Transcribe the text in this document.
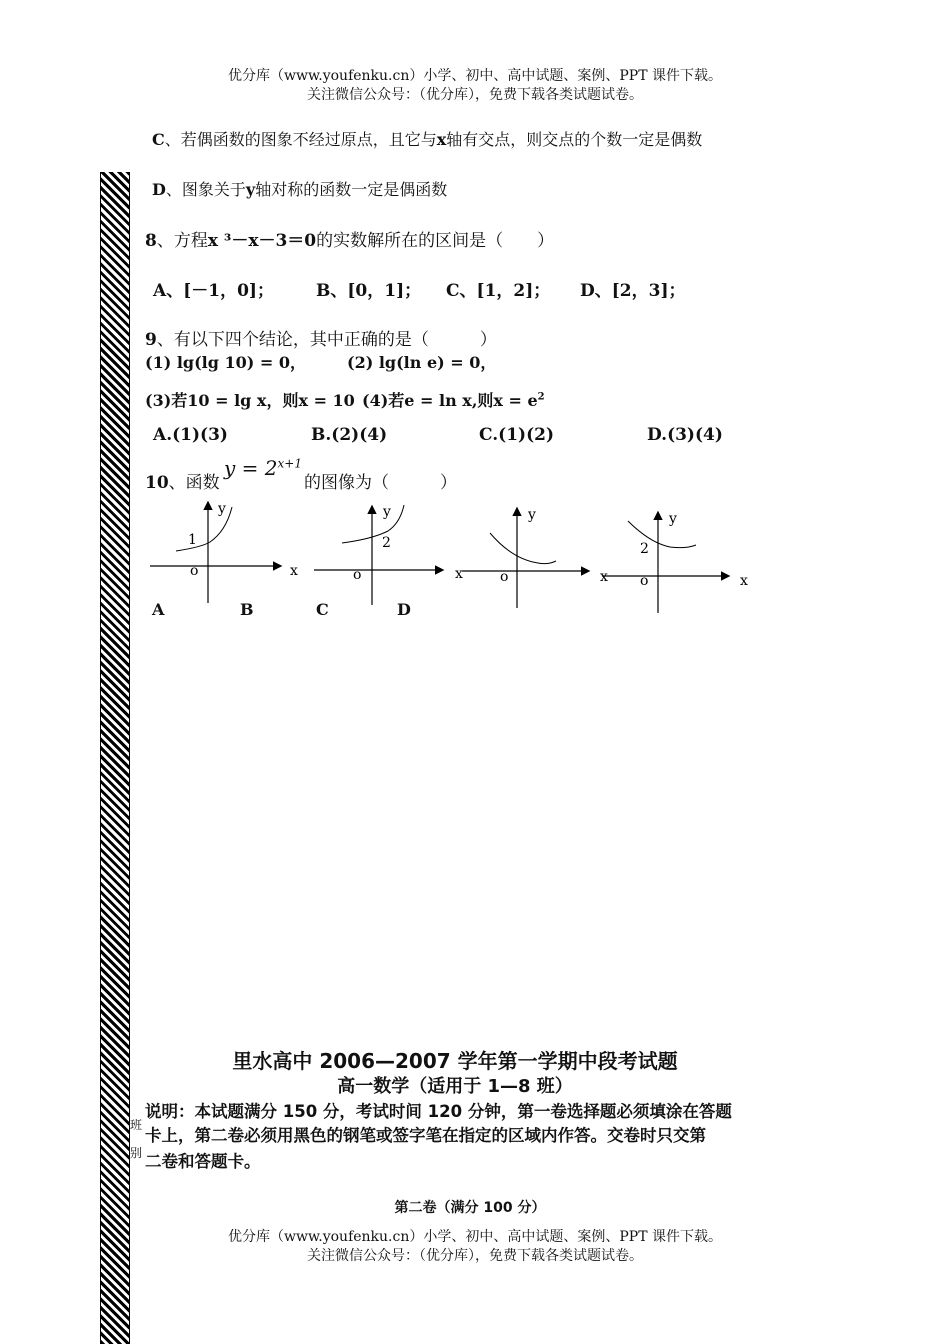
优分库（www.youfenku.cn）小学、初中、高中试题、案例、PPT 课件下载。
关注微信公众号：（优分库），免费下载各类试题试卷。
C、若偶函数的图象不经过原点，且它与x轴有交点，则交点的个数一定是偶数
D、图象关于y轴对称的函数一定是偶函数
8、方程x ³－x－3＝0的实数解所在的区间是（　　）
A、[－1，0]； B、[0，1]； C、[1，2]； D、[2，3]；
9、有以下四个结论，其中正确的是（　　　）
(1) lg(lg 10) = 0，	(2) lg(ln e) = 0，
(3)若10 = lg x，则x = 10 (4)若e = ln x,则$x = e^2$
A.(1)(3)	B.(2)(4)	C.(1)(2)	D.(3)(4)
10、函数
$y = 2^{x+1}$
的图像为（　　　）
y
x
o
1
y
o
2
x
y
o	x
y
o	x
2
A	B	C	D
里水高中 2006—2007 学年第一学期中段考试题
高一数学（适用于 1—8 班）
说明：本试题满分 150 分，考试时间 120 分钟，第一卷选择题必须填涂在答题
卡上，第二卷必须用黑色的钢笔或签字笔在指定的区域内作答。交卷时只交第
二卷和答题卡。
班
别
第二卷（满分 100 分）
优分库（www.youfenku.cn）小学、初中、高中试题、案例、PPT 课件下载。
关注微信公众号：（优分库），免费下载各类试题试卷。
